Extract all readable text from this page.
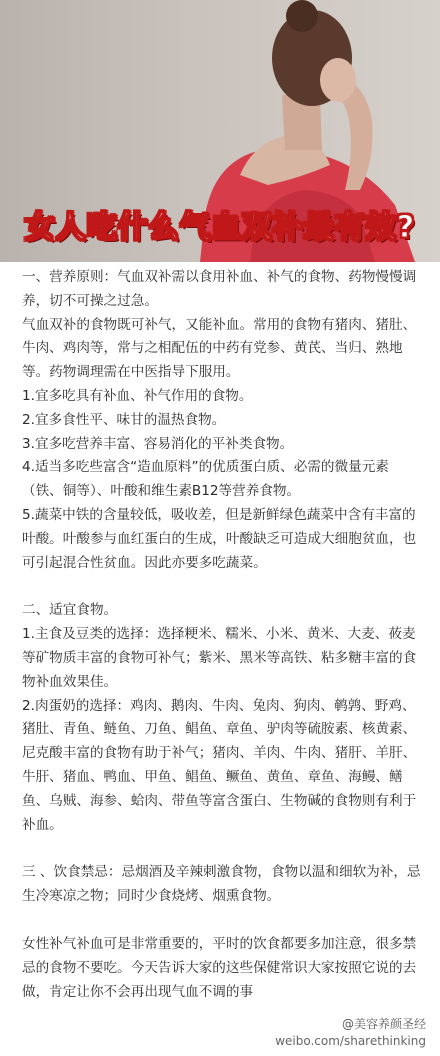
女人吃什么气血双补最有效?

一、营养原则：气血双补需以食用补血、补气的食物、药物慢慢调养，切不可操之过急。

气血双补的食物既可补气，又能补血。常用的食物有猪肉、猪肚、牛肉、鸡肉等，常与之相配伍的中药有党参、黄芪、当归、熟地等。药物调理需在中医指导下服用。

1.宜多吃具有补血、补气作用的食物。

2.宜多食性平、味甘的温热食物。

3.宜多吃营养丰富、容易消化的平补类食物。

4.适当多吃些富含“造血原料”的优质蛋白质、必需的微量元素（铁、铜等）、叶酸和维生素B12等营养食物。

5.蔬菜中铁的含量较低，吸收差，但是新鲜绿色蔬菜中含有丰富的叶酸。叶酸参与血红蛋白的生成，叶酸缺乏可造成大细胞贫血，也可引起混合性贫血。因此亦要多吃蔬菜。

二、适宜食物。

1.主食及豆类的选择：选择粳米、糯米、小米、黄米、大麦、莜麦等矿物质丰富的食物可补气；紫米、黑米等高铁、粘多糖丰富的食物补血效果佳。

2.肉蛋奶的选择：鸡肉、鹅肉、牛肉、兔肉、狗肉、鹌鹑、野鸡、猪肚、青鱼、鲢鱼、刀鱼、鲳鱼、章鱼、驴肉等硫胺素、核黄素、尼克酸丰富的食物有助于补气；猪肉、羊肉、牛肉、猪肝、羊肝、牛肝、猪血、鸭血、甲鱼、鲳鱼、鳜鱼、黄鱼、章鱼、海鳗、鳝鱼、乌贼、海参、蛤肉、带鱼等富含蛋白、生物碱的食物则有利于补血。

三 、饮食禁忌：忌烟酒及辛辣刺激食物，食物以温和细软为补，忌生冷寒凉之物；同时少食烧烤、烟熏食物。

女性补气补血可是非常重要的，平时的饮食都要多加注意，很多禁忌的食物不要吃。今天告诉大家的这些保健常识大家按照它说的去做，肯定让你不会再出现气血不调的事

@美容养颜圣经
weibo.com/sharethinking
